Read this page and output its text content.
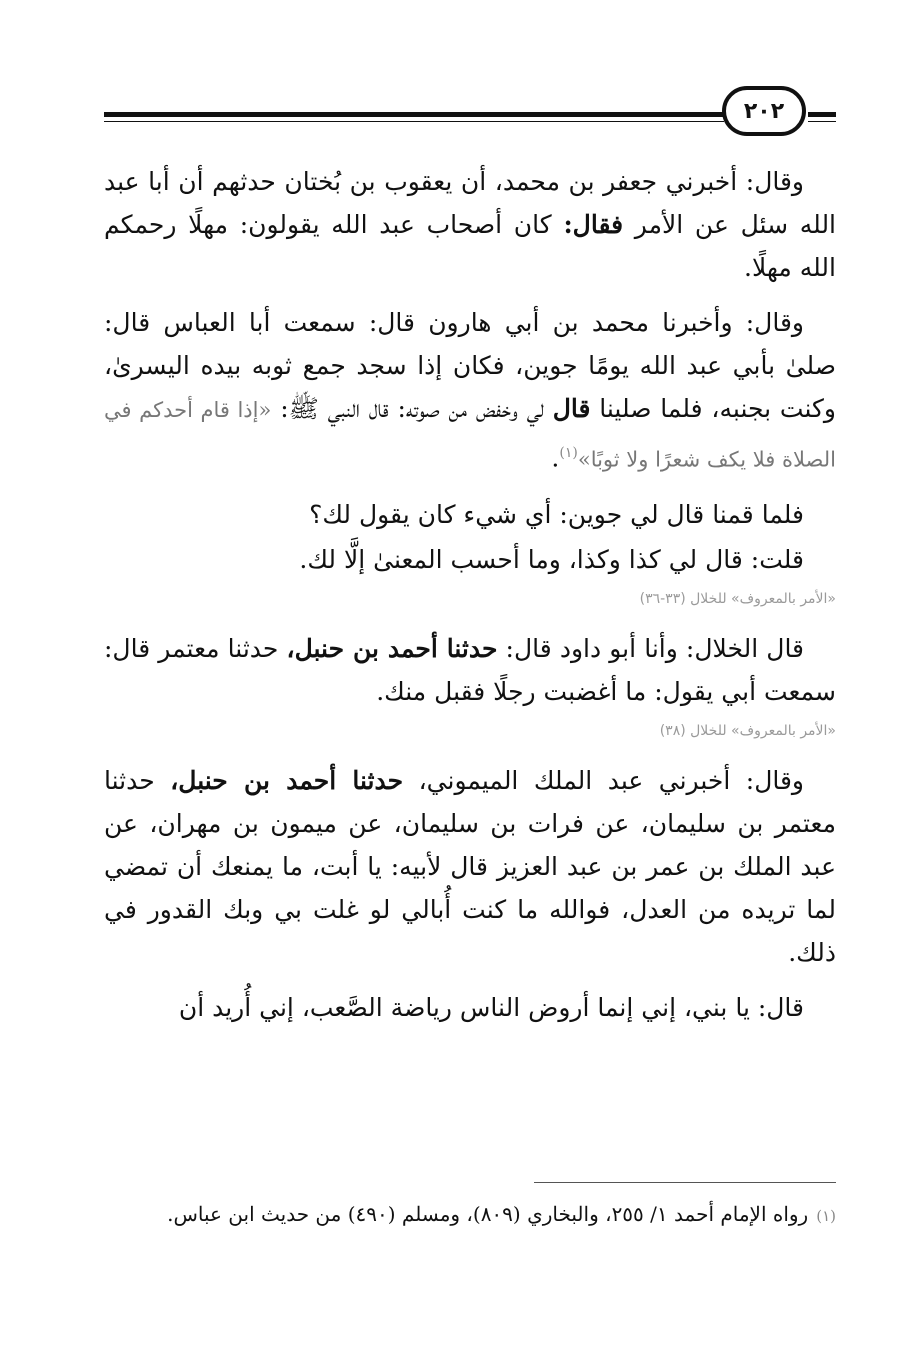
٢٠٢

وقال: أخبرني جعفر بن محمد، أن يعقوب بن بُختان حدثهم أن أبا عبد الله سئل عن الأمر فقال: كان أصحاب عبد الله يقولون: مهلًا رحمكم الله مهلًا.

وقال: وأخبرنا محمد بن أبي هارون قال: سمعت أبا العباس قال: صلىٰ بأبي عبد الله يومًا جوين، فكان إذا سجد جمع ثوبه بيده اليسرىٰ، وكنت بجنبه، فلما صلينا قال لي وخفض من صوته: قال النبي ﷺ: «إذا قام أحدكم في الصلاة فلا يكف شعرًا ولا ثوبًا»$^{(١)}$.

فلما قمنا قال لي جوين: أي شيء كان يقول لك؟

قلت: قال لي كذا وكذا، وما أحسب المعنىٰ إلَّا لك.

«الأمر بالمعروف» للخلال (٣٣-٣٦)

قال الخلال: وأنا أبو داود قال: حدثنا أحمد بن حنبل، حدثنا معتمر قال: سمعت أبي يقول: ما أغضبت رجلًا فقبل منك.

«الأمر بالمعروف» للخلال (٣٨)

وقال: أخبرني عبد الملك الميموني، حدثنا أحمد بن حنبل، حدثنا معتمر بن سليمان، عن فرات بن سليمان، عن ميمون بن مهران، عن عبد الملك بن عمر بن عبد العزيز قال لأبيه: يا أبت، ما يمنعك أن تمضي لما تريده من العدل، فوالله ما كنت أُبالي لو غلت بي وبك القدور في ذلك.

قال: يا بني، إني إنما أروض الناس رياضة الصَّعب، إني أُريد أن

(١)رواه الإمام أحمد ١/ ٢٥٥، والبخاري (٨٠٩)، ومسلم (٤٩٠) من حديث ابن عباس.
